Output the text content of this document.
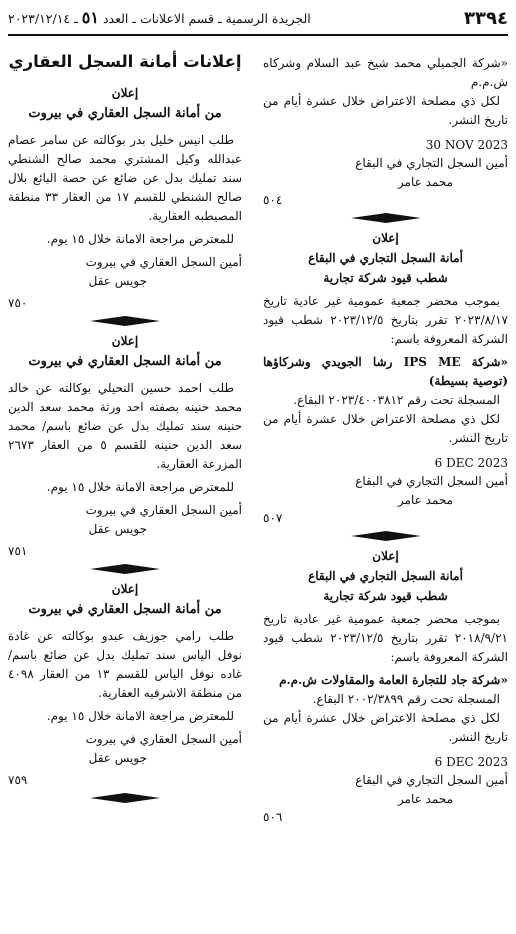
٣٣٩٤
الجريدة الرسمية ـ قسم الاعلانات ـ العدد ٥١ ـ ٢٠٢٣/١٢/١٤

«شركة الجميلي محمد شيخ عبد السلام وشركاه ش.م.م

لكل ذي مصلحة الاعتراض خلال عشرة أيام من تاريخ النشر.

30 NOV 2023

أمين السجل التجاري في البقاع

محمد عامر

٥٠٤

إعلان

أمانة السجل التجاري في البقاع

شطب قيود شركة تجارية

بموجب محضر جمعية عمومية غير عادية تاريخ ٢٠٢٣/٨/١٧ تقرر بتاريخ ٢٠٢٣/١٢/٥ شطب قيود الشركة المعروفة باسم:

«شركة IPS ME رشا الجويدي وشركاؤها (توصية بسيطة)

المسجلة تحت رقم ٢٠٢٣/٤٠٠٣٨١٢ البقاع.

لكل ذي مصلحة الاعتراض خلال عشرة أيام من تاريخ النشر.

6 DEC 2023

أمين السجل التجاري في البقاع

محمد عامر

٥٠٧

إعلان

أمانة السجل التجاري في البقاع

شطب قيود شركة تجارية

بموجب محضر جمعية عمومية غير عادية تاريخ ٢٠١٨/٩/٢١ تقرر بتاريخ ٢٠٢٣/١٢/٥ شطب قيود الشركة المعروفة باسم:

«شركة جاد للتجارة العامة والمقاولات ش.م.م

المسجلة تحت رقم ٢٠٠٢/٣٨٩٩ البقاع.

لكل ذي مصلحة الاعتراض خلال عشرة أيام من تاريخ النشر.

6 DEC 2023

أمين السجل التجاري في البقاع

محمد عامر

٥٠٦

إعلانات أمانة السجل العقاري

إعلان

من أمانة السجل العقاري في بيروت

طلب انيس خليل بدر بوكالته عن سامر عصام عبدالله وكيل المشتري محمد صالح الشنطي سند تمليك بدل عن ضائع عن حصة البائع بلال صالح الشنطي للقسم ١٧ من العقار ٣٣ منطقة المصيطبه العقارية.

للمعترض مراجعة الامانة خلال ١٥ يوم.

أمين السجل العقاري في بيروت

جويس عقل

٧٥٠

إعلان

من أمانة السجل العقاري في بيروت

طلب احمد حسين النحيلي بوكالته عن خالد محمد حنينه بصفته احد ورثة محمد سعد الدين حنينه سند تمليك بدل عن ضائع باسم/ محمد سعد الدين حنينه للقسم ٥ من العقار ٢٦٧٣ المزرعة العقارية.

للمعترض مراجعة الامانة خلال ١٥ يوم.

أمين السجل العقاري في بيروت

جويس عقل

٧٥١

إعلان

من أمانة السجل العقاري في بيروت

طلب رامي جوزيف عبدو بوكالته عن غادة نوفل الياس سند تمليك بدل عن ضائع باسم/ غاده نوفل الياس للقسم ١٣ من العقار ٤٠٩٨ من منطقة الاشرفيه العقارية.

للمعترض مراجعة الامانة خلال ١٥ يوم.

أمين السجل العقاري في بيروت

جويس عقل

٧٥٩
